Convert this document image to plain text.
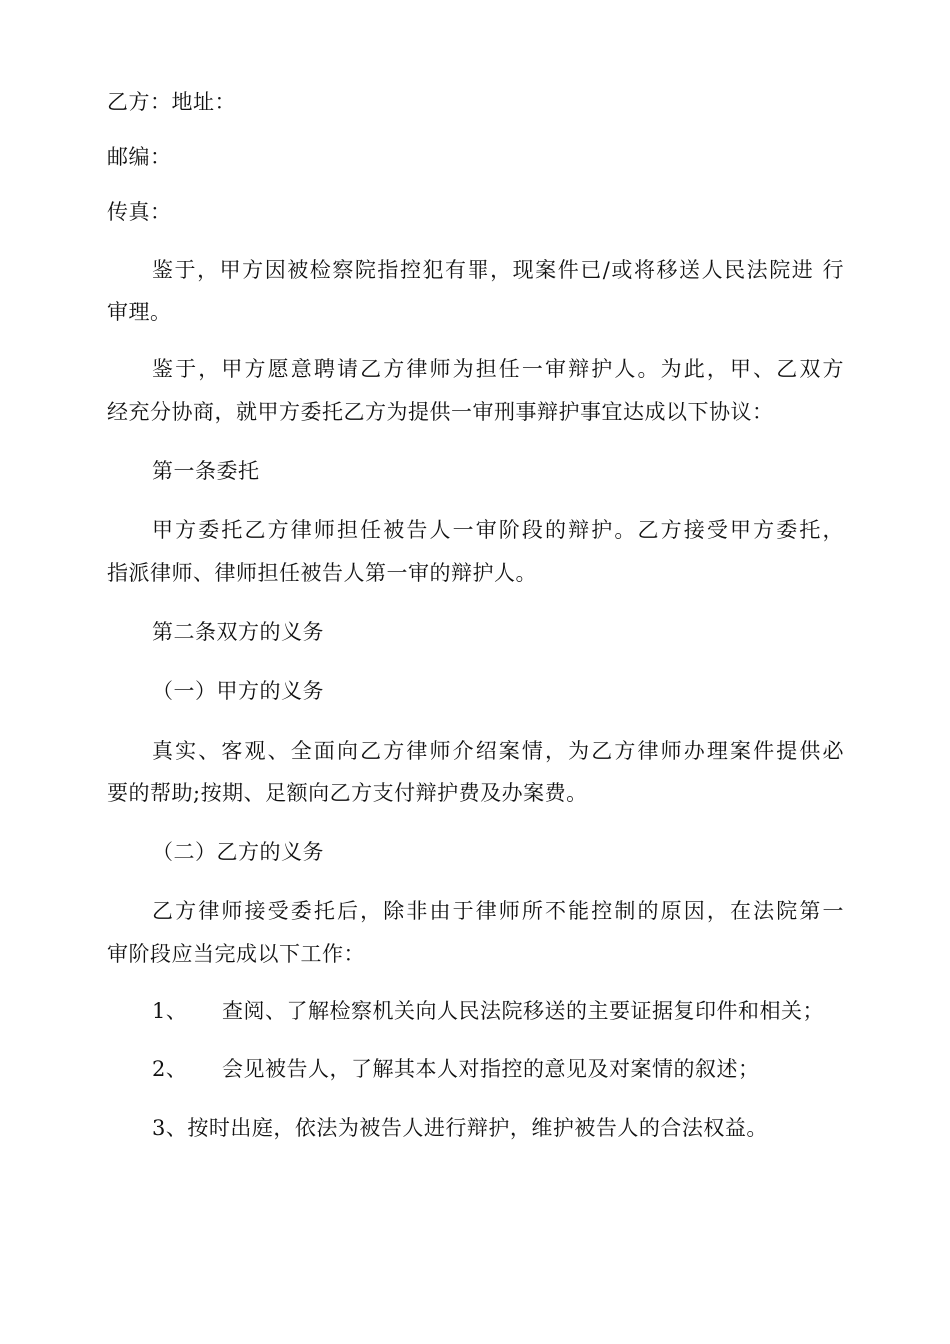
乙方：地址：
邮编：
传真：
鉴于，甲方因被检察院指控犯有罪，现案件已/或将移送人民法院进 行
审理。
鉴于，甲方愿意聘请乙方律师为担任一审辩护人。为此，甲、乙双方
经充分协商，就甲方委托乙方为提供一审刑事辩护事宜达成以下协议：
第一条委托
甲方委托乙方律师担任被告人一审阶段的辩护。乙方接受甲方委托，
指派律师、律师担任被告人第一审的辩护人。
第二条双方的义务
（一）甲方的义务
真实、客观、全面向乙方律师介绍案情，为乙方律师办理案件提供必
要的帮助;按期、足额向乙方支付辩护费及办案费。
（二）乙方的义务
乙方律师接受委托后，除非由于律师所不能控制的原因，在法院第一
审阶段应当完成以下工作：
1、 查阅、了解检察机关向人民法院移送的主要证据复印件和相关；
2、 会见被告人，了解其本人对指控的意见及对案情的叙述；
3、按时出庭，依法为被告人进行辩护，维护被告人的合法权益。
